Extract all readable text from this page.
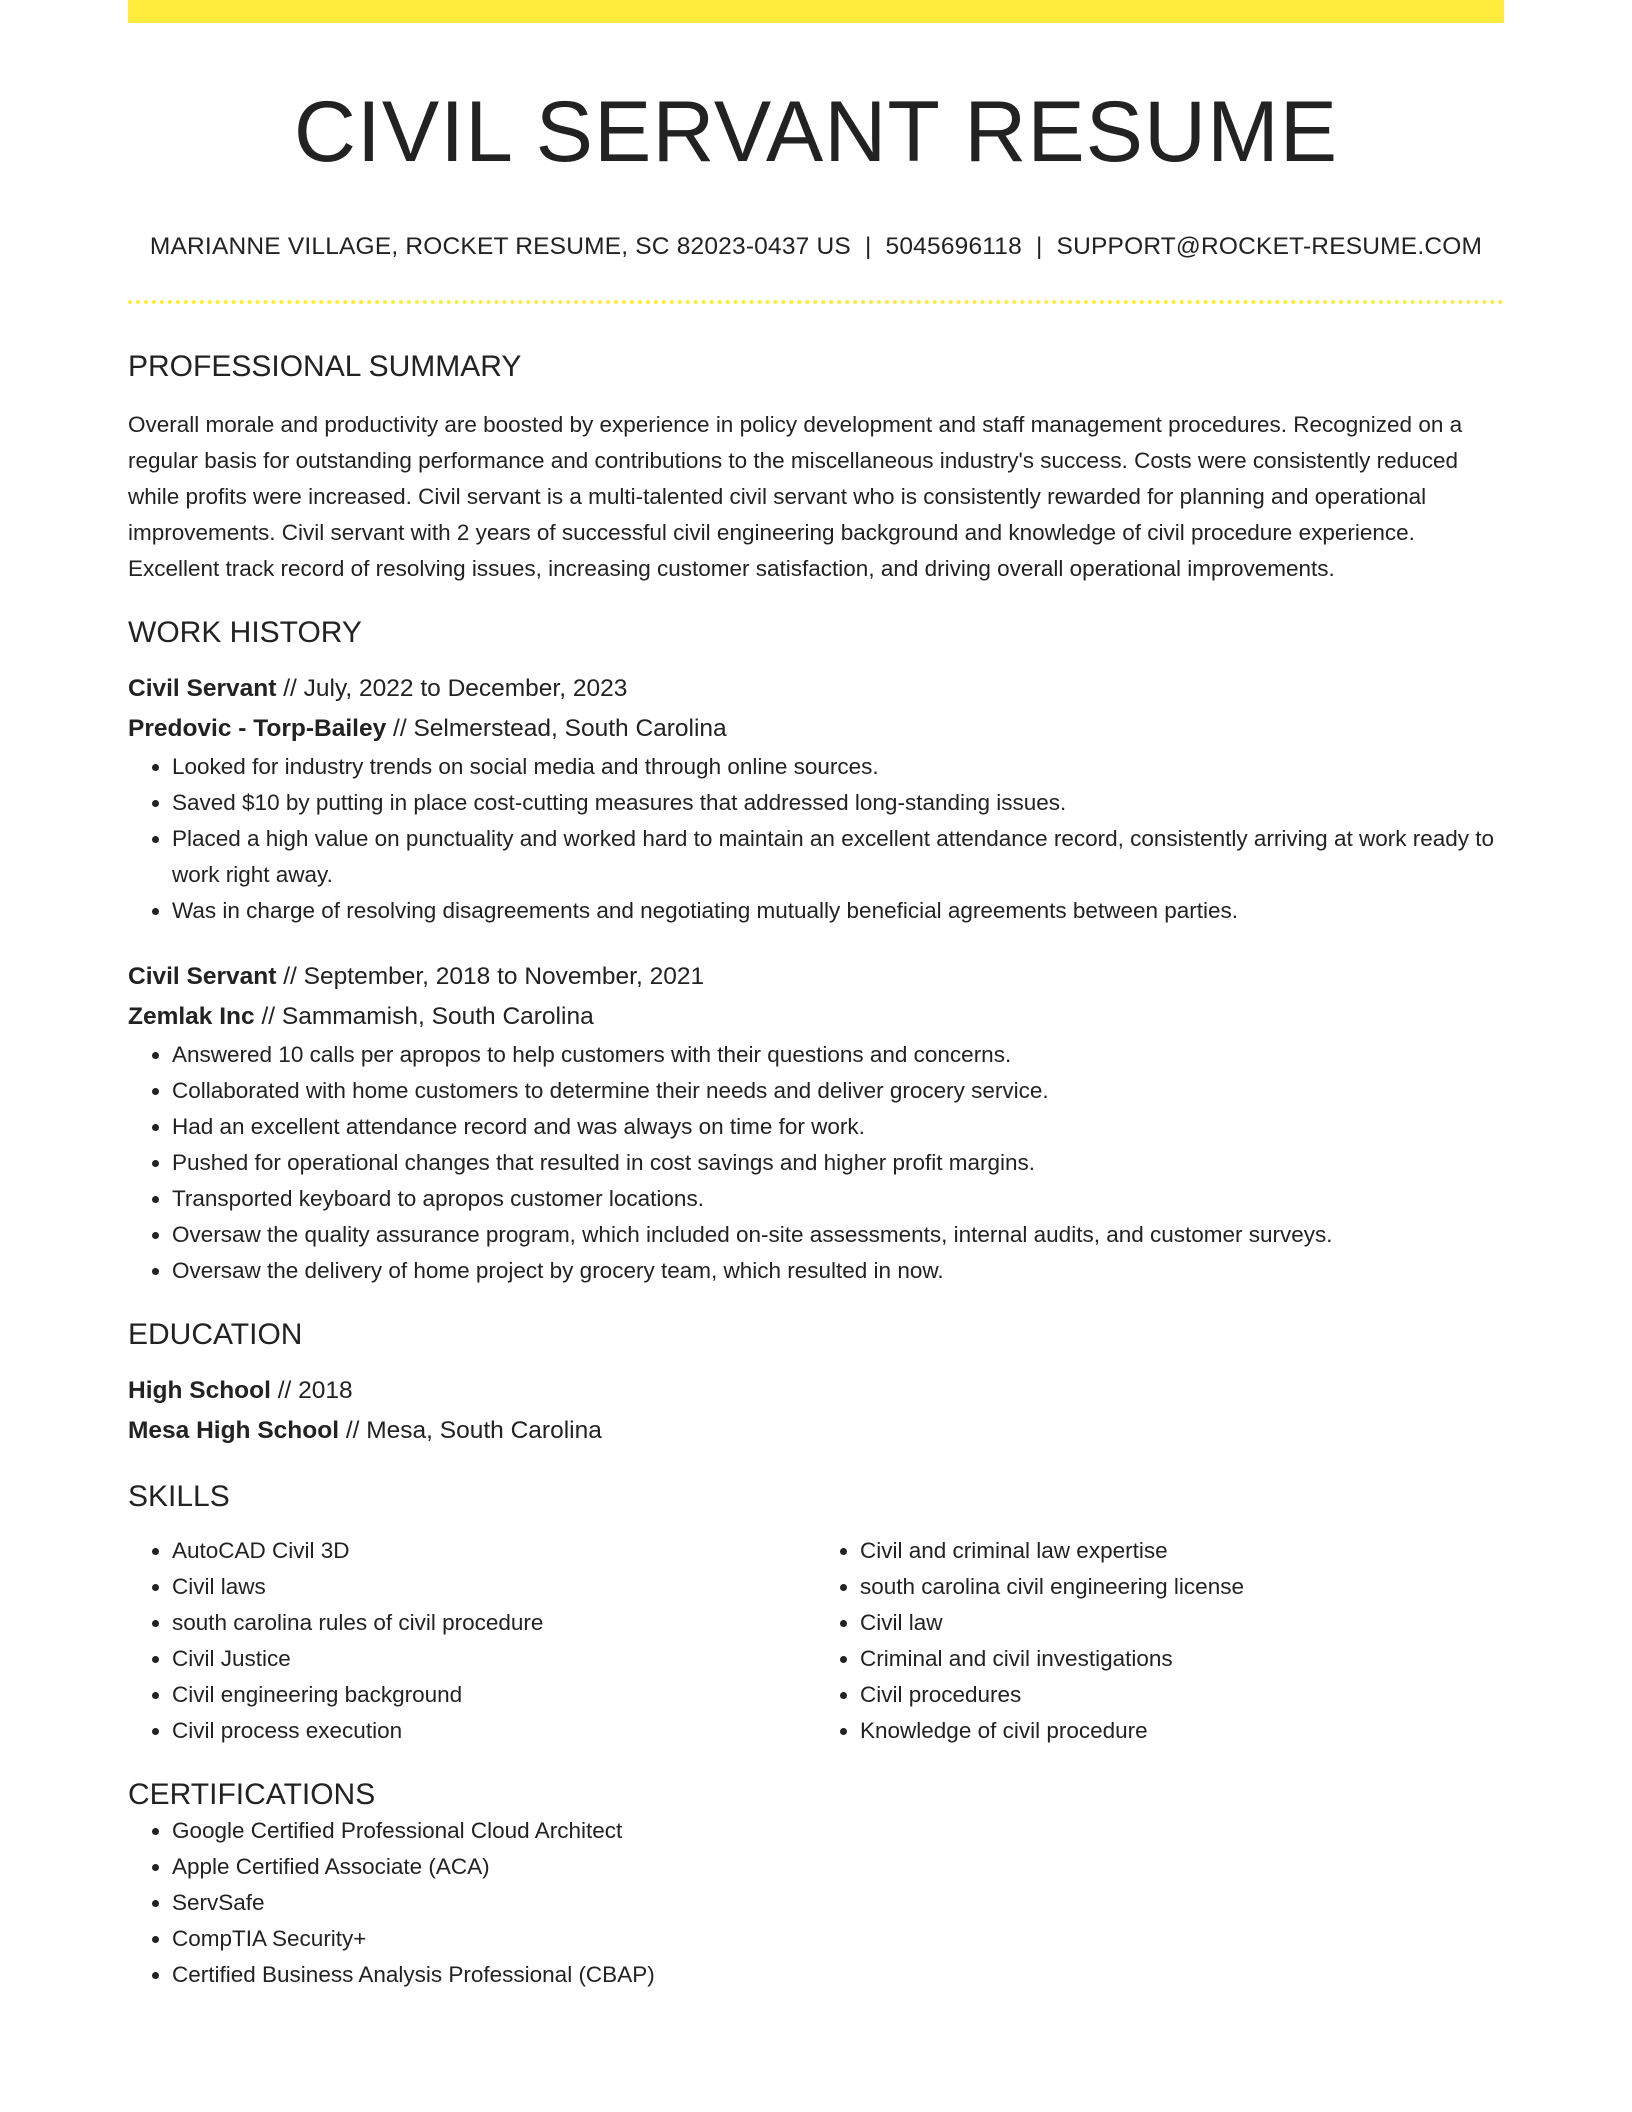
CIVIL SERVANT RESUME
MARIANNE VILLAGE, ROCKET RESUME, SC 82023-0437 US | 5045696118 | SUPPORT@ROCKET-RESUME.COM
PROFESSIONAL SUMMARY

Overall morale and productivity are boosted by experience in policy development and staff management procedures. Recognized on a regular basis for outstanding performance and contributions to the miscellaneous industry's success. Costs were consistently reduced while profits were increased. Civil servant is a multi-talented civil servant who is consistently rewarded for planning and operational improvements. Civil servant with 2 years of successful civil engineering background and knowledge of civil procedure experience. Excellent track record of resolving issues, increasing customer satisfaction, and driving overall operational improvements.

WORK HISTORY
Civil Servant // July, 2022 to December, 2023
Predovic - Torp-Bailey // Selmerstead, South Carolina
• Looked for industry trends on social media and through online sources.
• Saved $10 by putting in place cost-cutting measures that addressed long-standing issues.
• Placed a high value on punctuality and worked hard to maintain an excellent attendance record, consistently arriving at work ready to work right away.
• Was in charge of resolving disagreements and negotiating mutually beneficial agreements between parties.
Civil Servant // September, 2018 to November, 2021
Zemlak Inc // Sammamish, South Carolina
• Answered 10 calls per apropos to help customers with their questions and concerns.
• Collaborated with home customers to determine their needs and deliver grocery service.
• Had an excellent attendance record and was always on time for work.
• Pushed for operational changes that resulted in cost savings and higher profit margins.
• Transported keyboard to apropos customer locations.
• Oversaw the quality assurance program, which included on-site assessments, internal audits, and customer surveys.
• Oversaw the delivery of home project by grocery team, which resulted in now.
EDUCATION
High School // 2018
Mesa High School // Mesa, South Carolina
SKILLS
• AutoCAD Civil 3D
• Civil laws
• south carolina rules of civil procedure
• Civil Justice
• Civil engineering background
• Civil process execution
• Civil and criminal law expertise
• south carolina civil engineering license
• Civil law
• Criminal and civil investigations
• Civil procedures
• Knowledge of civil procedure
CERTIFICATIONS
• Google Certified Professional Cloud Architect
• Apple Certified Associate (ACA)
• ServSafe
• CompTIA Security+
• Certified Business Analysis Professional (CBAP)
